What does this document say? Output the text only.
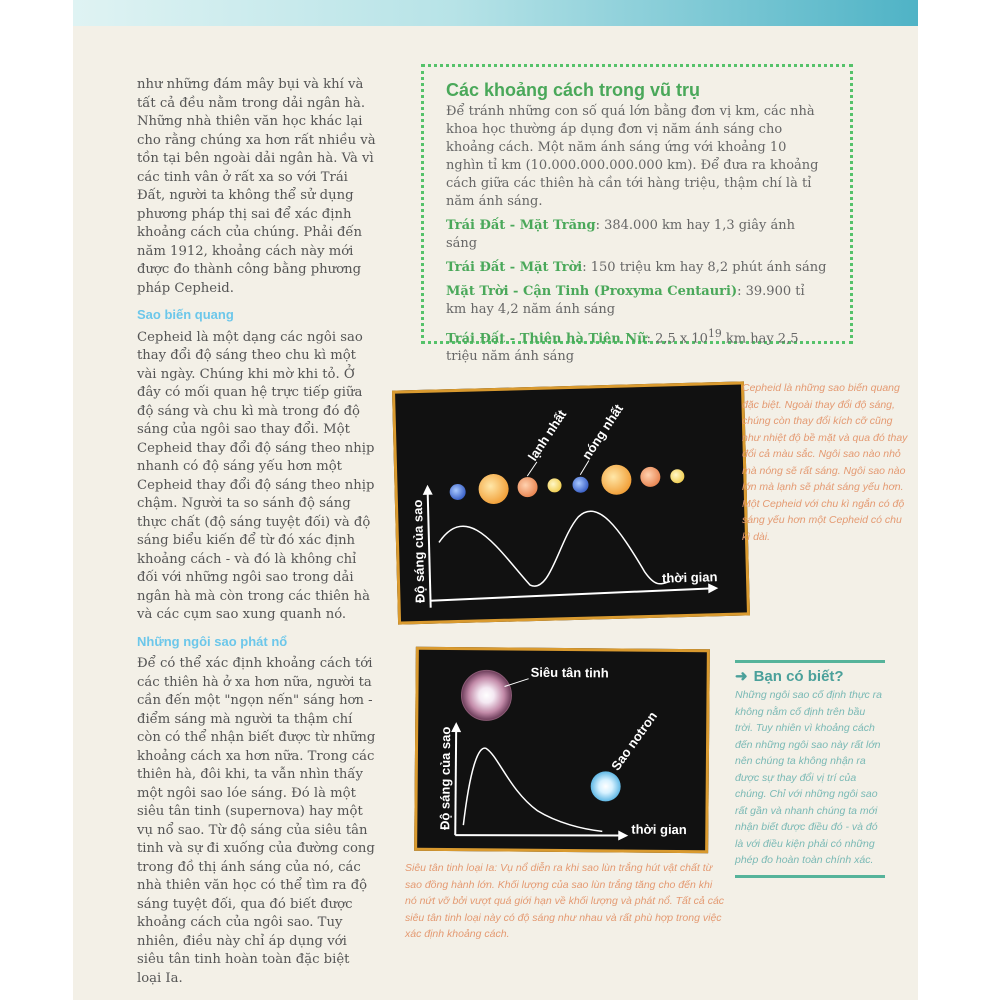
như những đám mây bụi và khí và tất cả đều nằm trong dải ngân hà. Những nhà thiên văn học khác lại cho rằng chúng xa hơn rất nhiều và tồn tại bên ngoài dải ngân hà. Và vì các tinh vân ở rất xa so với Trái Đất, người ta không thể sử dụng phương pháp thị sai để xác định khoảng cách của chúng. Phải đến năm 1912, khoảng cách này mới được đo thành công bằng phương pháp Cepheid.

Sao biến quang

Cepheid là một dạng các ngôi sao thay đổi độ sáng theo chu kì một vài ngày. Chúng khi mờ khi tỏ. Ở đây có mối quan hệ trực tiếp giữa độ sáng và chu kì mà trong đó độ sáng của ngôi sao thay đổi. Một Cepheid thay đổi độ sáng theo nhịp nhanh có độ sáng yếu hơn một Cepheid thay đổi độ sáng theo nhịp chậm. Người ta so sánh độ sáng thực chất (độ sáng tuyệt đối) và độ sáng biểu kiến để từ đó xác định khoảng cách - và đó là không chỉ đối với những ngôi sao trong dải ngân hà mà còn trong các thiên hà và các cụm sao xung quanh nó.

Những ngôi sao phát nổ

Để có thể xác định khoảng cách tới các thiên hà ở xa hơn nữa, người ta cần đến một "ngọn nến" sáng hơn - điểm sáng mà người ta thậm chí còn có thể nhận biết được từ những khoảng cách xa hơn nữa. Trong các thiên hà, đôi khi, ta vẫn nhìn thấy một ngôi sao lóe sáng. Đó là một siêu tân tinh (supernova) hay một vụ nổ sao. Từ độ sáng của siêu tân tinh và sự đi xuống của đường cong trong đồ thị ánh sáng của nó, các nhà thiên văn học có thể tìm ra độ sáng tuyệt đối, qua đó biết được khoảng cách của ngôi sao. Tuy nhiên, điều này chỉ áp dụng với siêu tân tinh hoàn toàn đặc biệt loại Ia.

Các khoảng cách trong vũ trụ

Để tránh những con số quá lớn bằng đơn vị km, các nhà khoa học thường áp dụng đơn vị năm ánh sáng cho khoảng cách. Một năm ánh sáng ứng với khoảng 10 nghìn tỉ km (10.000.000.000.000 km). Để đưa ra khoảng cách giữa các thiên hà cần tới hàng triệu, thậm chí là tỉ năm ánh sáng.

Trái Đất - Mặt Trăng: 384.000 km hay 1,3 giây ánh sáng

Trái Đất - Mặt Trời: 150 triệu km hay 8,2 phút ánh sáng

Mặt Trời - Cận Tinh (Proxyma Centauri): 39.900 tỉ km hay 4,2 năm ánh sáng

Trái Đất - Thiên hà Tiên Nữ: 2,5 x $10^{19}$ km hay 2,5 triệu năm ánh sáng

lạnh nhất nóng nhất
Độ sáng của sao	thời gian
Cepheid là những sao biến quang đặc biệt. Ngoài thay đổi độ sáng, chúng còn thay đổi kích cỡ cũng như nhiệt độ bề mặt và qua đó thay đổi cả màu sắc. Ngôi sao nào nhỏ mà nóng sẽ rất sáng. Ngôi sao nào lớn mà lạnh sẽ phát sáng yếu hơn. Một Cepheid với chu kì ngắn có độ sáng yếu hơn một Cepheid có chu kì dài.
Siêu tân tinh
Sao notron
Độ sáng của sao	thời gian
Siêu tân tinh loại Ia: Vụ nổ diễn ra khi sao lùn trắng hút vật chất từ sao đồng hành lớn. Khối lượng của sao lùn trắng tăng cho đến khi nó nứt vỡ bởi vượt quá giới hạn về khối lượng và phát nổ. Tất cả các siêu tân tinh loại này có độ sáng như nhau và rất phù hợp trong việc xác định khoảng cách.
➜ Bạn có biết?
Những ngôi sao cố định thực ra không nằm cố định trên bầu trời. Tuy nhiên vì khoảng cách đến những ngôi sao này rất lớn nên chúng ta không nhận ra được sự thay đổi vị trí của chúng. Chỉ với những ngôi sao rất gần và nhanh chúng ta mới nhận biết được điều đó - và đó là với điều kiện phải có những phép đo hoàn toàn chính xác.
